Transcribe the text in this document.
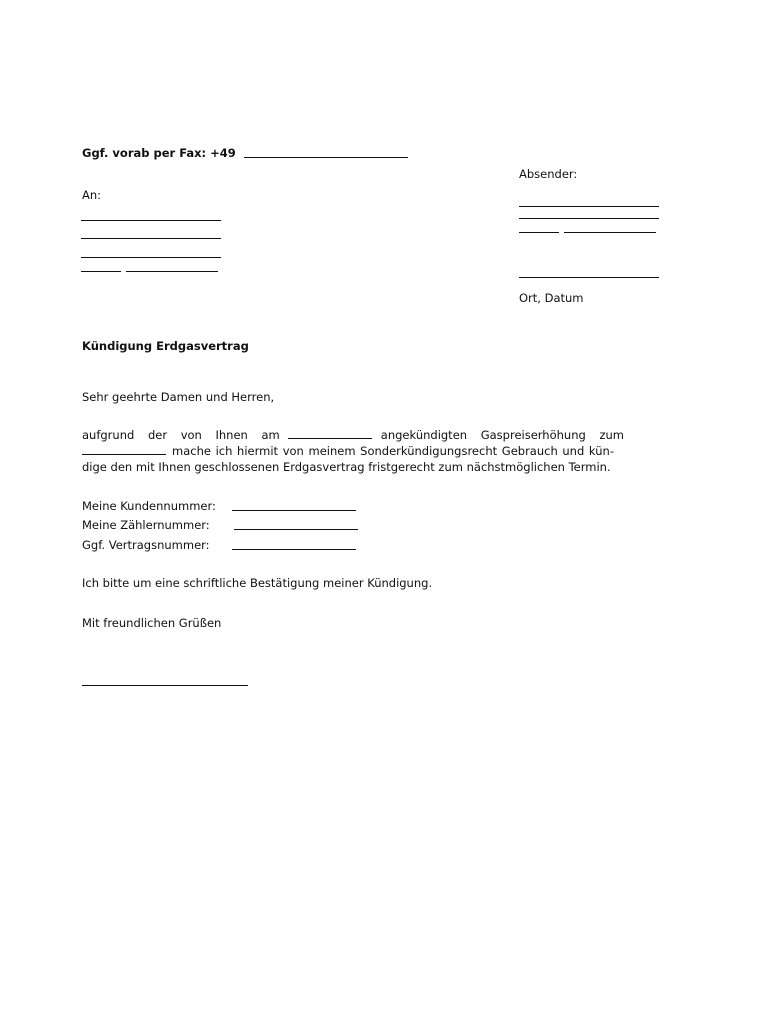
Ggf. vorab per Fax: +49
Absender:
Ort, Datum
An:
Kündigung Erdgasvertrag
Sehr geehrte Damen und Herren,
aufgrund der von Ihnen am	angekündigten Gaspreiserhöhung zum
mache ich hiermit von meinem Sonderkündigungsrecht Gebrauch und kün-
dige den mit Ihnen geschlossenen Erdgasvertrag fristgerecht zum nächstmöglichen Termin.
Meine Kundennummer:
Meine Zählernummer:
Ggf. Vertragsnummer:
Ich bitte um eine schriftliche Bestätigung meiner Kündigung.
Mit freundlichen Grüßen
